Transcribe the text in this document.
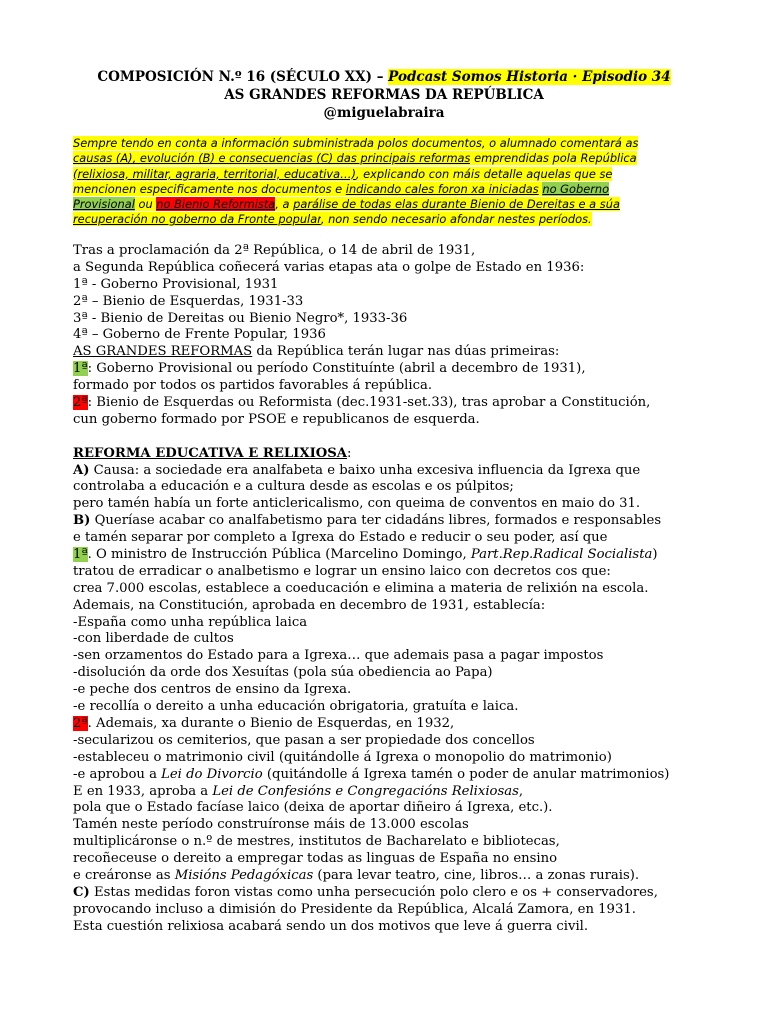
COMPOSICIÓN N.º 16 (SÉCULO XX) – Podcast Somos Historia · Episodio 34
AS GRANDES REFORMAS DA REPÚBLICA
@miguelabraira
Sempre tendo en conta a información subministrada polos documentos, o alumnado comentará as
causas (A), evolución (B) e consecuencias (C) das principais reformas emprendidas pola República
(relixiosa, militar, agraria, territorial, educativa…), explicando con máis detalle aquelas que se
mencionen especificamente nos documentos e indicando cales foron xa iniciadas no Goberno
Provisional ou no Bienio Reformista, a parálise de todas elas durante Bienio de Dereitas e a súa
recuperación no goberno da Fronte popular, non sendo necesario afondar nestes períodos.
Tras a proclamación da 2ª República, o 14 de abril de 1931,
a Segunda República coñecerá varias etapas ata o golpe de Estado en 1936:
1ª - Goberno Provisional, 1931
2ª – Bienio de Esquerdas, 1931-33
3ª - Bienio de Dereitas ou Bienio Negro*, 1933-36
4ª – Goberno de Frente Popular, 1936
AS GRANDES REFORMAS da República terán lugar nas dúas primeiras:
1ª: Goberno Provisional ou período Constituínte (abril a decembro de 1931),
formado por todos os partidos favorables á república.
2ª: Bienio de Esquerdas ou Reformista (dec.1931-set.33), tras aprobar a Constitución,
cun goberno formado por PSOE e republicanos de esquerda.
REFORMA EDUCATIVA E RELIXIOSA:
A) Causa: a sociedade era analfabeta e baixo unha excesiva influencia da Igrexa que
controlaba a educación e a cultura desde as escolas e os púlpitos;
pero tamén había un forte anticlericalismo, con queima de conventos en maio do 31.
B) Queríase acabar co analfabetismo para ter cidadáns libres, formados e responsables
e tamén separar por completo a Igrexa do Estado e reducir o seu poder, así que
1ª. O ministro de Instrucción Pública (Marcelino Domingo, Part.Rep.Radical Socialista)
tratou de erradicar o analbetismo e lograr un ensino laico con decretos cos que:
crea 7.000 escolas, establece a coeducación e elimina a materia de relixión na escola.
Ademais, na Constitución, aprobada en decembro de 1931, establecía:
-España como unha república laica
-con liberdade de cultos
-sen orzamentos do Estado para a Igrexa… que ademais pasa a pagar impostos
-disolución da orde dos Xesuítas (pola súa obediencia ao Papa)
-e peche dos centros de ensino da Igrexa.
-e recollía o dereito a unha educación obrigatoria, gratuíta e laica.
2ª. Ademais, xa durante o Bienio de Esquerdas, en 1932,
-secularizou os cemiterios, que pasan a ser propiedade dos concellos
-estableceu o matrimonio civil (quitándolle á Igrexa o monopolio do matrimonio)
-e aprobou a Lei do Divorcio (quitándolle á Igrexa tamén o poder de anular matrimonios)
E en 1933, aproba a Lei de Confesións e Congregacións Relixiosas,
pola que o Estado facíase laico (deixa de aportar diñeiro á Igrexa, etc.).
Tamén neste período construíronse máis de 13.000 escolas
multiplicáronse o n.º de mestres, institutos de Bacharelato e bibliotecas,
recoñeceuse o dereito a empregar todas as linguas de España no ensino
e creáronse as Misións Pedagóxicas (para levar teatro, cine, libros… a zonas rurais).
C) Estas medidas foron vistas como unha persecución polo clero e os + conservadores,
provocando incluso a dimisión do Presidente da República, Alcalá Zamora, en 1931.
Esta cuestión relixiosa acabará sendo un dos motivos que leve á guerra civil.
